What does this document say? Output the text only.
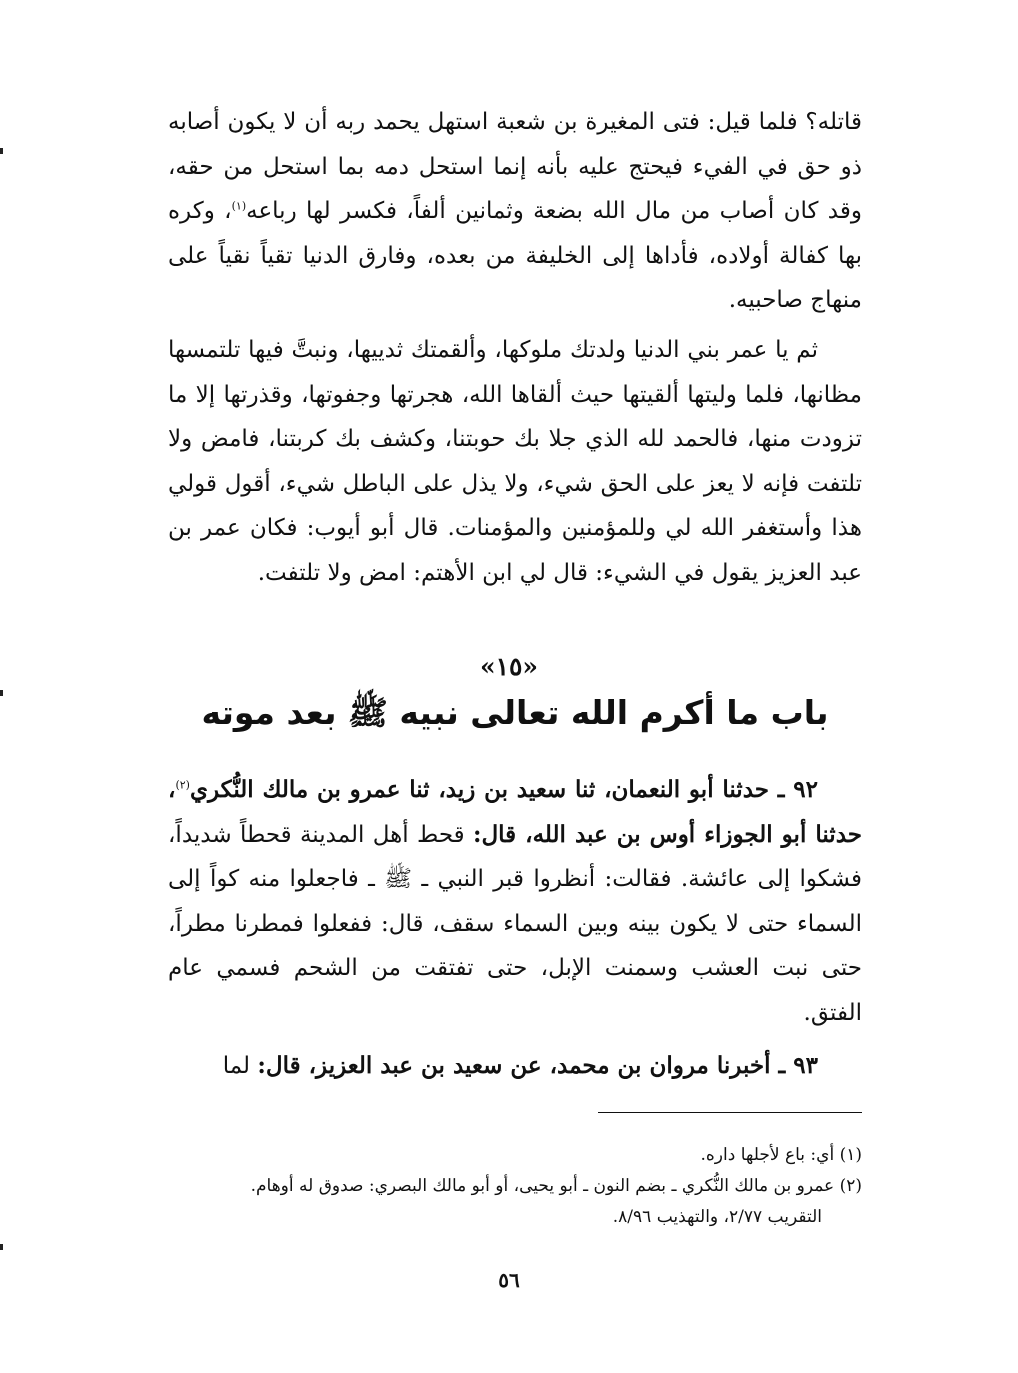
قاتله؟ فلما قيل: فتى المغيرة بن شعبة استهل يحمد ربه أن لا يكون أصابه ذو حق في الفيء فيحتج عليه بأنه إنما استحل دمه بما استحل من حقه، وقد كان أصاب من مال الله بضعة وثمانين ألفاً، فكسر لها رباعه$^{(١)}$، وكره بها كفالة أولاده، فأداها إلى الخليفة من بعده، وفارق الدنيا تقياً نقياً على منهاج صاحبيه.

ثم يا عمر بني الدنيا ولدتك ملوكها، وألقمتك ثدييها، ونبتَّ فيها تلتمسها مظانها، فلما وليتها ألقيتها حيث ألقاها الله، هجرتها وجفوتها، وقذرتها إلا ما تزودت منها، فالحمد لله الذي جلا بك حوبتنا، وكشف بك كربتنا، فامض ولا تلتفت فإنه لا يعز على الحق شيء، ولا يذل على الباطل شيء، أقول قولي هذا وأستغفر الله لي وللمؤمنين والمؤمنات. قال أبو أيوب: فكان عمر بن عبد العزيز يقول في الشيء: قال لي ابن الأهتم: امض ولا تلتفت.

«١٥»
باب ما أكرم الله تعالى نبيه ﷺ بعد موته

٩٢ ـ حدثنا أبو النعمان، ثنا سعيد بن زيد، ثنا عمرو بن مالك النُّكري$^{(٢)}$، حدثنا أبو الجوزاء أوس بن عبد الله، قال: قحط أهل المدينة قحطاً شديداً، فشكوا إلى عائشة. فقالت: أنظروا قبر النبي ـ ﷺ ـ فاجعلوا منه كواً إلى السماء حتى لا يكون بينه وبين السماء سقف، قال: ففعلوا فمطرنا مطراً، حتى نبت العشب وسمنت الإبل، حتى تفتقت من الشحم فسمي عام الفتق.

٩٣ ـ أخبرنا مروان بن محمد، عن سعيد بن عبد العزيز، قال: لما

(١) أي: باع لأجلها داره.

(٢) عمرو بن مالك النُّكري ـ بضم النون ـ أبو يحيى، أو أبو مالك البصري: صدوق له أوهام.

التقريب ٢/٧٧، والتهذيب ٨/٩٦.

٥٦
